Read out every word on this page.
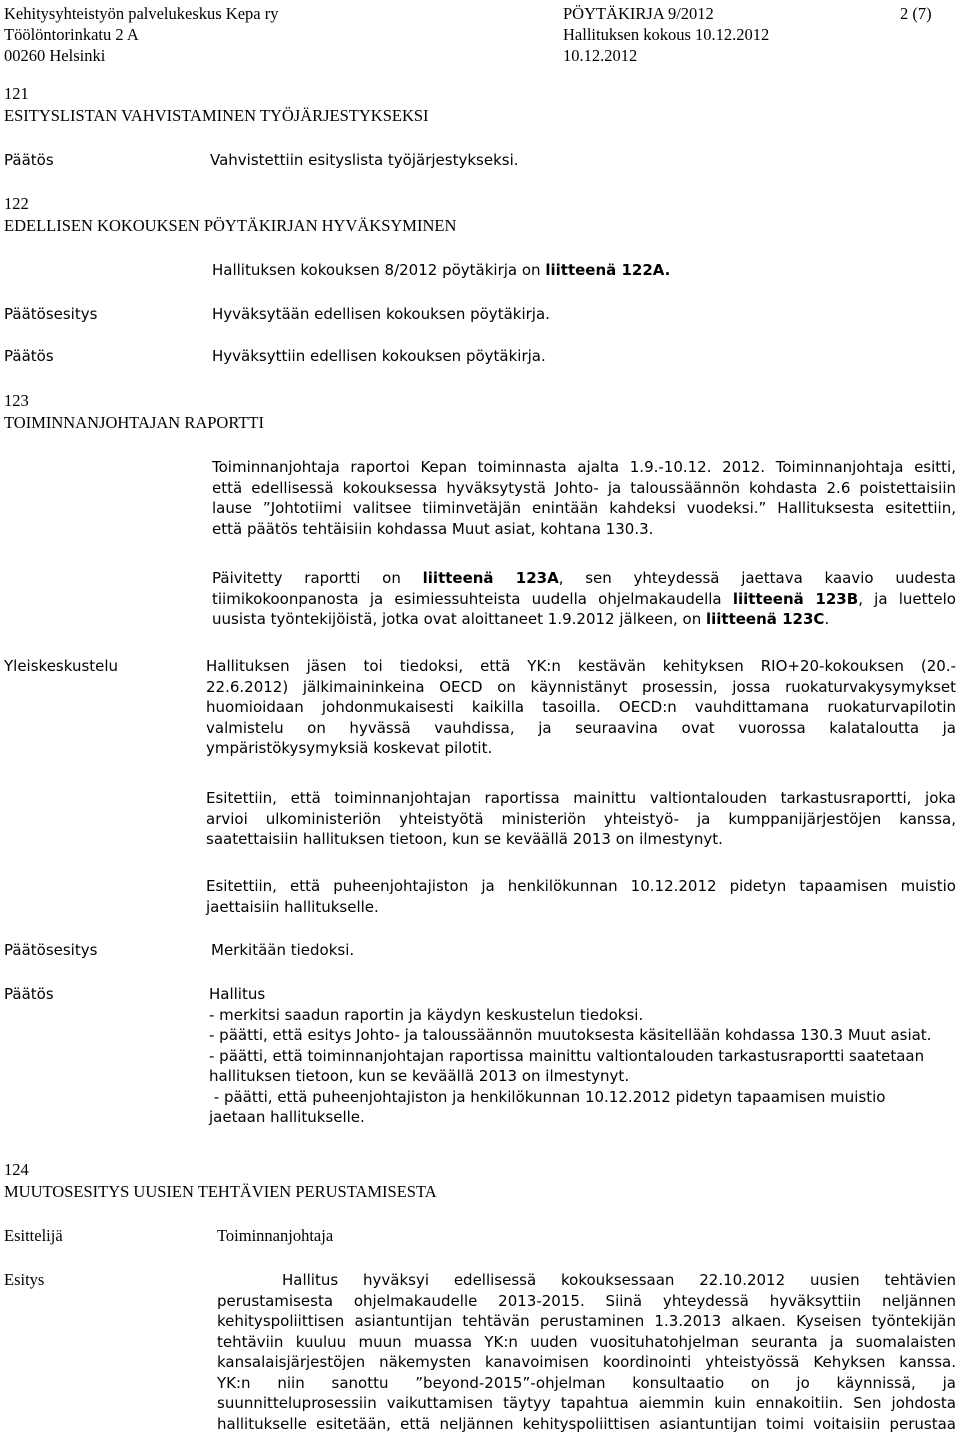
Kehitysyhteistyön palvelukeskus Kepa ry
Töölöntorinkatu 2 A
00260 Helsinki
PÖYTÄKIRJA 9/2012
Hallituksen kokous 10.12.2012
10.12.2012
2 (7)
121
ESITYSLISTAN VAHVISTAMINEN TYÖJÄRJESTYKSEKSI
Päätös	Vahvistettiin esityslista työjärjestykseksi.
122
EDELLISEN KOKOUKSEN PÖYTÄKIRJAN HYVÄKSYMINEN
Hallituksen kokouksen 8/2012 pöytäkirja on liitteenä 122A.
Päätösesitys	Hyväksytään edellisen kokouksen pöytäkirja.
Päätös	Hyväksyttiin edellisen kokouksen pöytäkirja.
123
TOIMINNANJOHTAJAN RAPORTTI
Toiminnanjohtaja raportoi Kepan toiminnasta ajalta 1.9.-10.12. 2012. Toiminnanjohtaja esitti,
että edellisessä kokouksessa hyväksytystä Johto- ja taloussäännön kohdasta 2.6 poistettaisiin
lause ”Johtotiimi valitsee tiiminvetäjän enintään kahdeksi vuodeksi.” Hallituksesta esitettiin,
että päätös tehtäisiin kohdassa Muut asiat, kohtana 130.3.
Päivitetty raportti on liitteenä 123A, sen yhteydessä jaettava kaavio uudesta
tiimikokoonpanosta ja esimiessuhteista uudella ohjelmakaudella liitteenä 123B, ja luettelo
uusista työntekijöistä, jotka ovat aloittaneet 1.9.2012 jälkeen, on liitteenä 123C.
Yleiskeskustelu	Hallituksen jäsen toi tiedoksi, että YK:n kestävän kehityksen RIO+20-kokouksen (20.-
22.6.2012) jälkimaininkeina OECD on käynnistänyt prosessin, jossa ruokaturvakysymykset
huomioidaan johdonmukaisesti kaikilla tasoilla. OECD:n vauhdittamana ruokaturvapilotin
valmistelu on hyvässä vauhdissa, ja seuraavina ovat vuorossa kalataloutta ja
ympäristökysymyksiä koskevat pilotit.
Esitettiin, että toiminnanjohtajan raportissa mainittu valtiontalouden tarkastusraportti, joka
arvioi ulkoministeriön yhteistyötä ministeriön yhteistyö- ja kumppanijärjestöjen kanssa,
saatettaisiin hallituksen tietoon, kun se keväällä 2013 on ilmestynyt.
Esitettiin, että puheenjohtajiston ja henkilökunnan 10.12.2012 pidetyn tapaamisen muistio
jaettaisiin hallitukselle.
Päätösesitys	Merkitään tiedoksi.
Päätös	Hallitus
- merkitsi saadun raportin ja käydyn keskustelun tiedoksi.
- päätti, että esitys Johto- ja taloussäännön muutoksesta käsitellään kohdassa 130.3 Muut asiat.
- päätti, että toiminnanjohtajan raportissa mainittu valtiontalouden tarkastusraportti saatetaan
hallituksen tietoon, kun se keväällä 2013 on ilmestynyt.
- päätti, että puheenjohtajiston ja henkilökunnan 10.12.2012 pidetyn tapaamisen muistio
jaetaan hallitukselle.
124
MUUTOSESITYS UUSIEN TEHTÄVIEN PERUSTAMISESTA
Esittelijä	Toiminnanjohtaja
Esitys	Hallitus hyväksyi edellisessä kokouksessaan 22.10.2012 uusien tehtävien
perustamisesta ohjelmakaudelle 2013-2015. Siinä yhteydessä hyväksyttiin neljännen
kehityspoliittisen asiantuntijan tehtävän perustaminen 1.3.2013 alkaen. Kyseisen työntekijän
tehtäviin kuuluu muun muassa YK:n uuden vuosituhatohjelman seuranta ja suomalaisten
kansalaisjärjestöjen näkemysten kanavoimisen koordinointi yhteistyössä Kehyksen kanssa.
YK:n niin sanottu ”beyond-2015”-ohjelman konsultaatio on jo käynnissä, ja
suunnitteluprosessiin vaikuttamisen täytyy tapahtua aiemmin kuin ennakoitiin. Sen johdosta
hallitukselle esitetään, että neljännen kehityspoliittisen asiantuntijan toimi voitaisiin perustaa
